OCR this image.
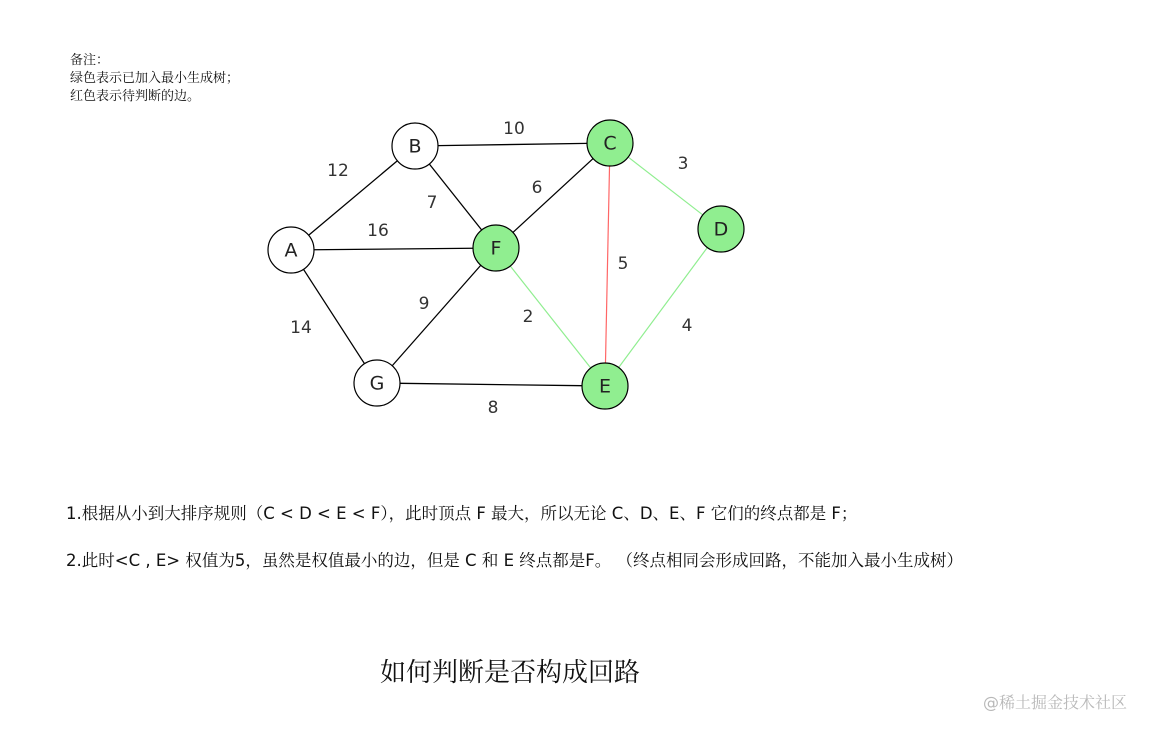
备注：
绿色表示已加入最小生成树；
红色表示待判断的边。
12
10
3
7
6
16
5
4
9
2
14
8
A
B	C
D
E
F
G
1.根据从小到大排序规则（C < D < E < F），此时顶点 F 最大，所以无论 C、D、E、F 它们的终点都是 F；
2.此时<C , E> 权值为5，虽然是权值最小的边，但是 C 和 E 终点都是F。 （终点相同会形成回路，不能加入最小生成树）
如何判断是否构成回路
@稀土掘金技术社区
